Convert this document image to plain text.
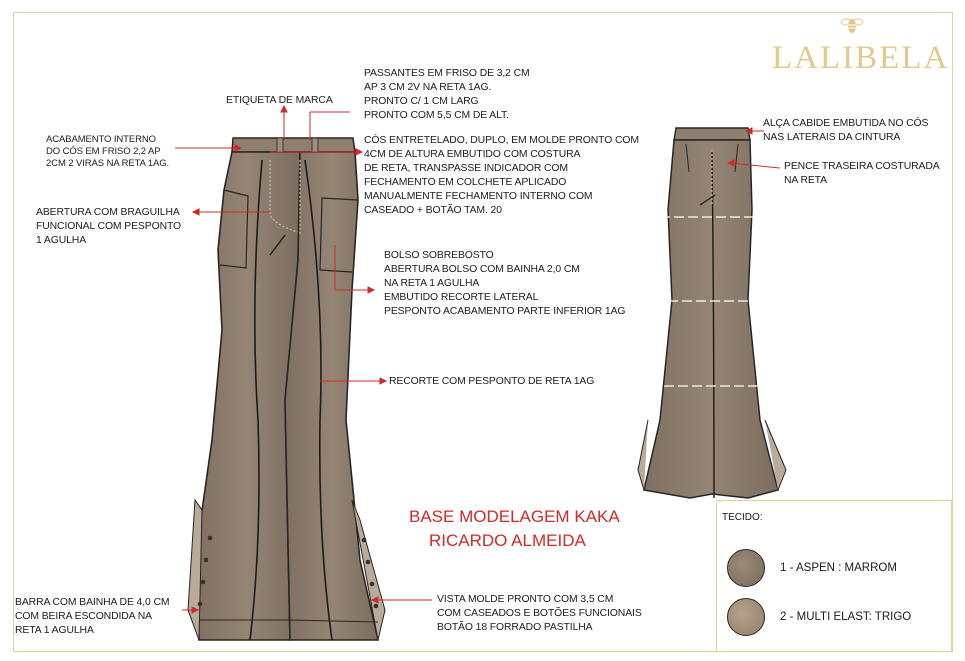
LALIBELA
ETIQUETA DE MARCA
PASSANTES EM FRISO DE 3,2 CM
AP 3 CM 2V NA RETA 1AG.
PRONTO C/ 1 CM LARG
PRONTO COM 5,5 CM DE ALT.
ACABAMENTO INTERNO
DO CÓS EM FRISO 2,2 AP
2CM 2 VIRAS NA RETA 1AG.
CÓS ENTRETELADO, DUPLO, EM MOLDE PRONTO COM
4CM DE ALTURA EMBUTIDO COM COSTURA
DE RETA, TRANSPASSE INDICADOR COM
FECHAMENTO EM COLCHETE APLICADO
MANUALMENTE FECHAMENTO INTERNO COM
CASEADO + BOTÃO TAM. 20
ABERTURA COM BRAGUILHA
FUNCIONAL COM PESPONTO
1 AGULHA
BOLSO SOBREBOSTO
ABERTURA BOLSO COM BAINHA 2,0 CM
NA RETA 1 AGULHA
EMBUTIDO RECORTE LATERAL
PESPONTO ACABAMENTO PARTE INFERIOR 1AG
RECORTE COM PESPONTO DE RETA 1AG
BARRA COM BAINHA DE 4,0 CM
COM BEIRA ESCONDIDA NA
RETA 1 AGULHA
VISTA MOLDE PRONTO COM 3,5 CM
COM CASEADOS E BOTÕES FUNCIONAIS
BOTÃO 18 FORRADO PASTILHA
ALÇA CABIDE EMBUTIDA NO CÓS
NAS LATERAIS DA CINTURA
PENCE TRASEIRA COSTURADA
NA RETA
BASE MODELAGEM KAKA
RICARDO ALMEIDA
TECIDO:
1 - ASPEN : MARROM
2 - MULTI ELAST: TRIGO
